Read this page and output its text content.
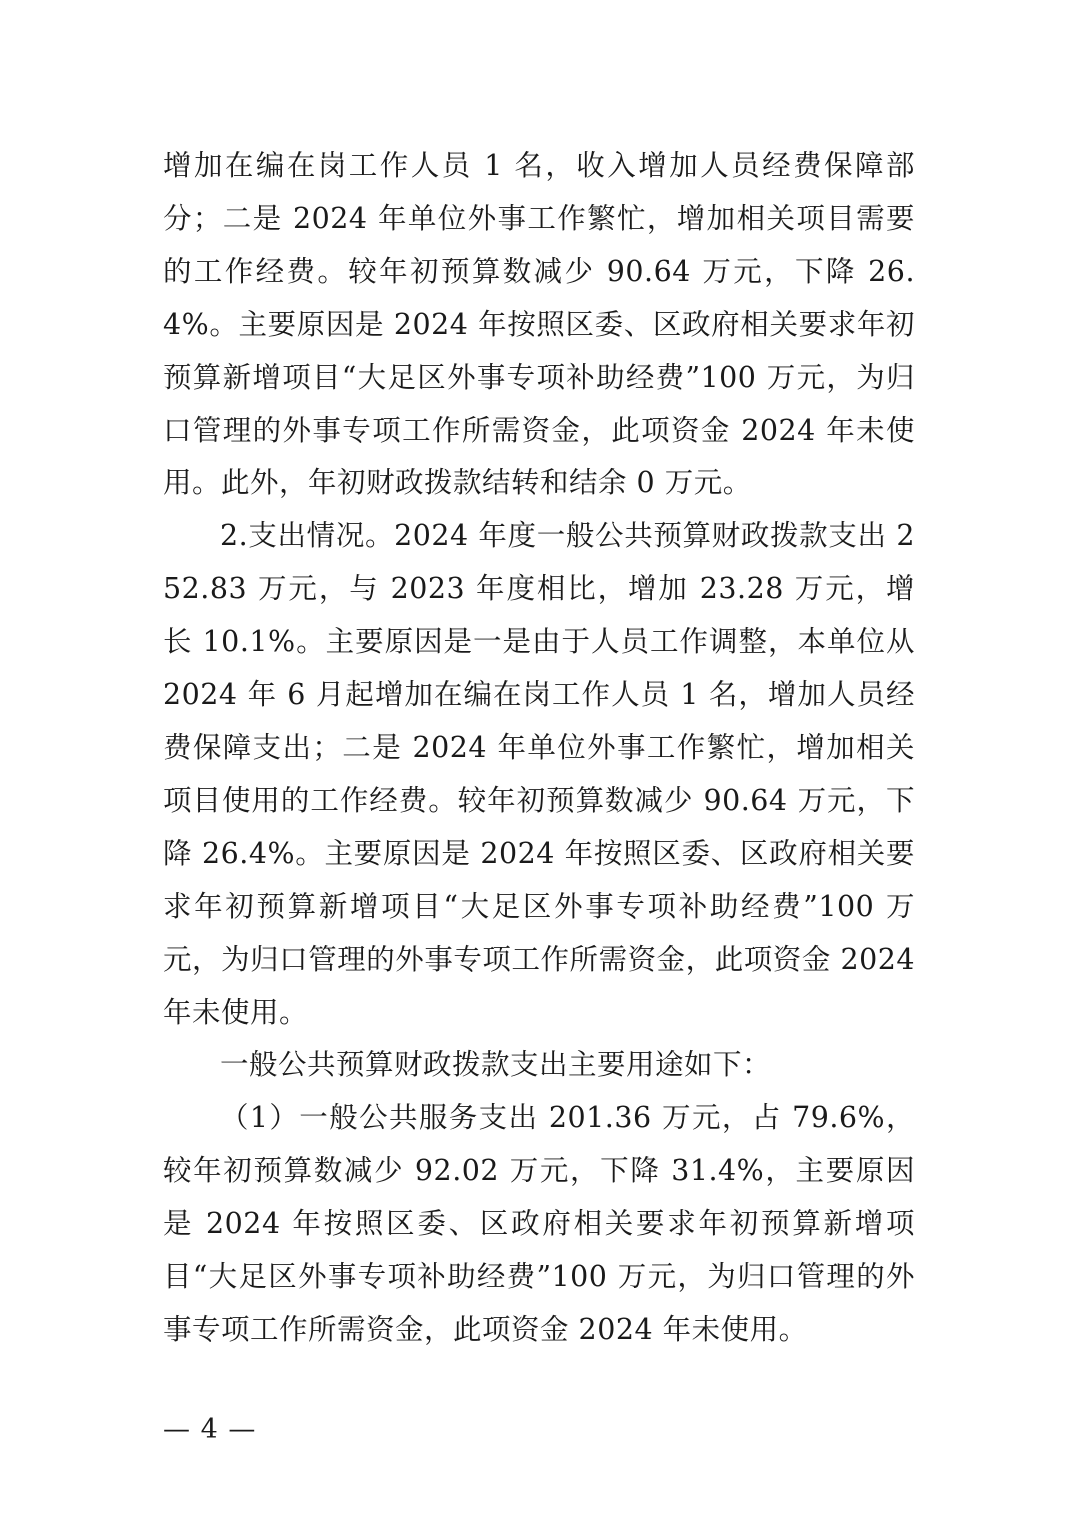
增加在编在岗工作人员 1 名，收入增加人员经费保障部分；二是 2024 年单位外事工作繁忙，增加相关项目需要的工作经费。较年初预算数减少 90.64 万元，下降 26.4%。主要原因是 2024 年按照区委、区政府相关要求年初预算新增项目“大足区外事专项补助经费”100 万元，为归口管理的外事专项工作所需资金，此项资金 2024 年未使用。此外，年初财政拨款结转和结余 0 万元。

2.支出情况。2024 年度一般公共预算财政拨款支出 252.83 万元，与 2023 年度相比，增加 23.28 万元，增长 10.1%。主要原因是一是由于人员工作调整，本单位从 2024 年 6 月起增加在编在岗工作人员 1 名，增加人员经费保障支出；二是 2024 年单位外事工作繁忙，增加相关项目使用的工作经费。较年初预算数减少 90.64 万元，下降 26.4%。主要原因是 2024 年按照区委、区政府相关要求年初预算新增项目“大足区外事专项补助经费”100 万元，为归口管理的外事专项工作所需资金，此项资金 2024 年未使用。

一般公共预算财政拨款支出主要用途如下：

（1）一般公共服务支出 201.36 万元，占 79.6%，较年初预算数减少 92.02 万元，下降 31.4%，主要原因是 2024 年按照区委、区政府相关要求年初预算新增项目“大足区外事专项补助经费”100 万元，为归口管理的外事专项工作所需资金，此项资金 2024 年未使用。

— 4 —
